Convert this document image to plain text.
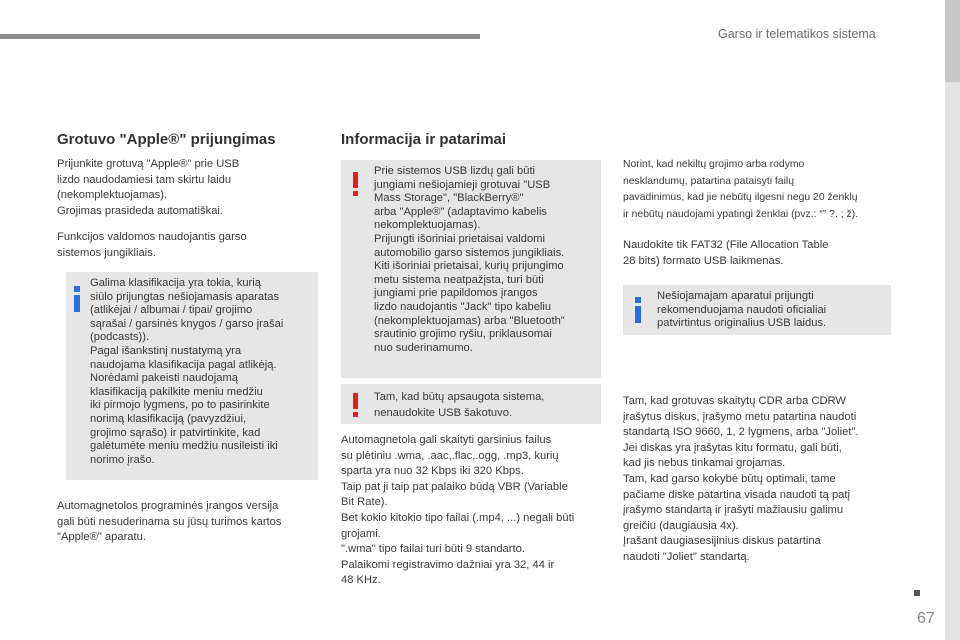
Garso ir telematikos sistema
Grotuvo "Apple®" prijungimas

Prijunkite grotuvą "Apple®" prie USB
lizdo naudodamiesi tam skirtu laidu
(nekomplektuojamas).
Grojimas prasideda automatiškai.

Funkcijos valdomos naudojantis garso
sistemos jungikliais.

Galima klasifikacija yra tokia, kurią
siūlo prijungtas nešiojamasis aparatas
(atlikėjai / albumai / tipai/ grojimo
sąrašai / garsinės knygos / garso įrašai
(podcasts)).
Pagal išankstinį nustatymą yra
naudojama klasifikacija pagal atlikėją.
Norėdami pakeisti naudojamą
klasifikaciją pakilkite meniu medžiu
iki pirmojo lygmens, po to pasirinkite
norimą klasifikaciją (pavyzdžiui,
grojimo sąrašo) ir patvirtinkite, kad
galėtumėte meniu medžiu nusileisti iki
norimo įrašo.

Automagnetolos programinės įrangos versija
gali būti nesuderinama su jūsų turimos kartos
"Apple®" aparatu.

Informacija ir patarimai

Prie sistemos USB lizdų gali būti
jungiami nešiojamieji grotuvai "USB
Mass Storage", "BlackBerry®"
arba "Apple®" (adaptavimo kabelis
nekomplektuojamas).
Prijungti išoriniai prietaisai valdomi
automobilio garso sistemos jungikliais.
Kiti išoriniai prietaisai, kurių prijungimo
metu sistema neatpažįsta, turi būti
jungiami prie papildomos įrangos
lizdo naudojantis "Jack" tipo kabeliu
(nekomplektuojamas) arba "Bluetooth"
srautinio grojimo ryšiu, priklausomai
nuo suderinamumo.

Tam, kad būtų apsaugota sistema,
nenaudokite USB šakotuvo.

Automagnetola gali skaityti garsinius failus
su plėtiniu .wma, .aac,.flac,.ogg, .mp3, kurių
sparta yra nuo 32 Kbps iki 320 Kbps.
Taip pat ji taip pat palaiko būdą VBR (Variable
Bit Rate).
Bet kokio kitokio tipo failai (.mp4, ...) negali būti
grojami.
".wma" tipo failai turi būti 9 standarto.
Palaikomi registravimo dažniai yra 32, 44 ir
48 KHz.

Norint, kad nekiltų grojimo arba rodymo
nesklandumų, patartina pataisyti failų
pavadinimus, kad jie nebūtų ilgesni negu 20 ženklų
ir nebūtų naudojami ypatingi ženklai (pvz.: “” ?. ; ž).

Naudokite tik FAT32 (File Allocation Table
28 bits) formato USB laikmenas.

Nešiojamajam aparatui prijungti
rekomenduojama naudoti oficialiai
patvirtintus originalius USB laidus.

Tam, kad grotuvas skaitytų CDR arba CDRW
įrašytus diskus, įrašymo metu patartina naudoti
standartą ISO 9660, 1, 2 lygmens, arba "Joliet".
Jei diskas yra įrašytas kitu formatu, gali būti,
kad jis nebus tinkamai grojamas.
Tam, kad garso kokybė būtų optimali, tame
pačiame diske patartina visada naudoti tą patį
įrašymo standartą ir įrašyti mažiausiu galimu
greičiu (daugiausia 4x).
Įrašant daugiasesijinius diskus patartina
naudoti "Joliet" standartą.

67
